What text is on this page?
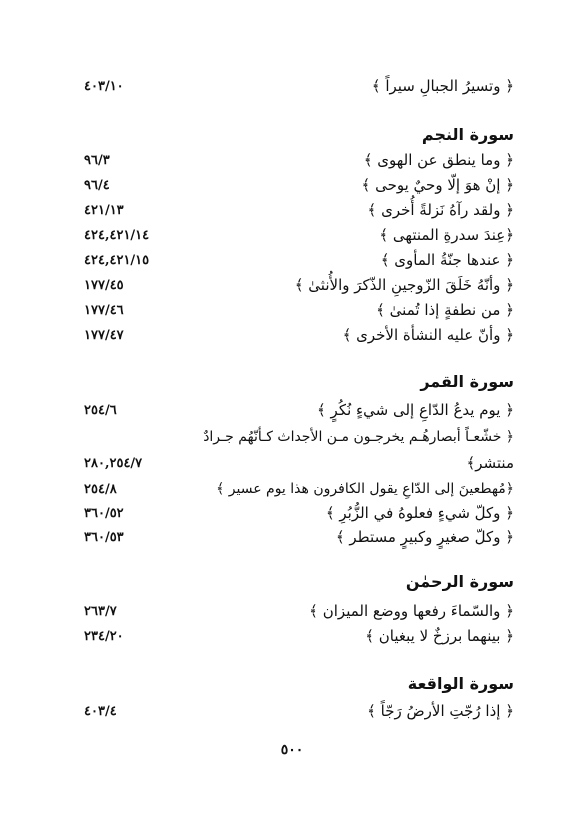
٤٠٣/١٠	﴿ وتسيرُ الجبالِ سيراً ﴾
سورة النجم
٩٦/٣	﴿ وما ينطق عن الهوى ﴾
٩٦/٤	﴿ إنْ هوَ إلّا وحيٌ يوحى ﴾
٤٢١/١٣	﴿ ولقد رآهُ نَزلةً أُخرى ﴾
٤٢٤,٤٢١/١٤	﴿عِندَ سدرةِ المنتهى ﴾
٤٢٤,٤٢١/١٥	﴿ عندها جنّةُ المأوى ﴾
١٧٧/٤٥	﴿ وأنّهُ خَلَقَ الزّوجينِ الذّكرَ والأُنثىٰ ﴾
١٧٧/٤٦	﴿ من نطفةٍ إذا تُمنىٰ ﴾
١٧٧/٤٧	﴿ وأنّ عليه النشأة الأخرى ﴾
سورة القمر
٢٥٤/٦	﴿ يوم يدعُ الدّاعِ إلى شيءٍ نُكُرٍ ﴾
﴿ خشّعـاً أبصارهُـم يخرجـون مـن الأجداث كـأنّهُم جـرادٌ
٢٨٠,٢٥٤/٧	منتشر﴾
٢٥٤/٨	﴿مُهطعينَ إلى الدّاعِ يقول الكافرون هذا يوم عسير ﴾
٣٦٠/٥٢	﴿ وكلّ شيءٍ فعلوهُ في الزُّبُرِ ﴾
٣٦٠/٥٣	﴿ وكلّ صغيرٍ وكبيرٍ مستطر ﴾
سورة الرحمٰن
٢٦٣/٧	﴿ والسّماءَ رفعها ووضع الميزان ﴾
٢٣٤/٢٠	﴿ بينهما برزخٌ لا يبغيان ﴾
سورة الواقعة
٤٠٣/٤	﴿ إذا رُجّتِ الأرضُ رَجّاً ﴾
٥٠٠
